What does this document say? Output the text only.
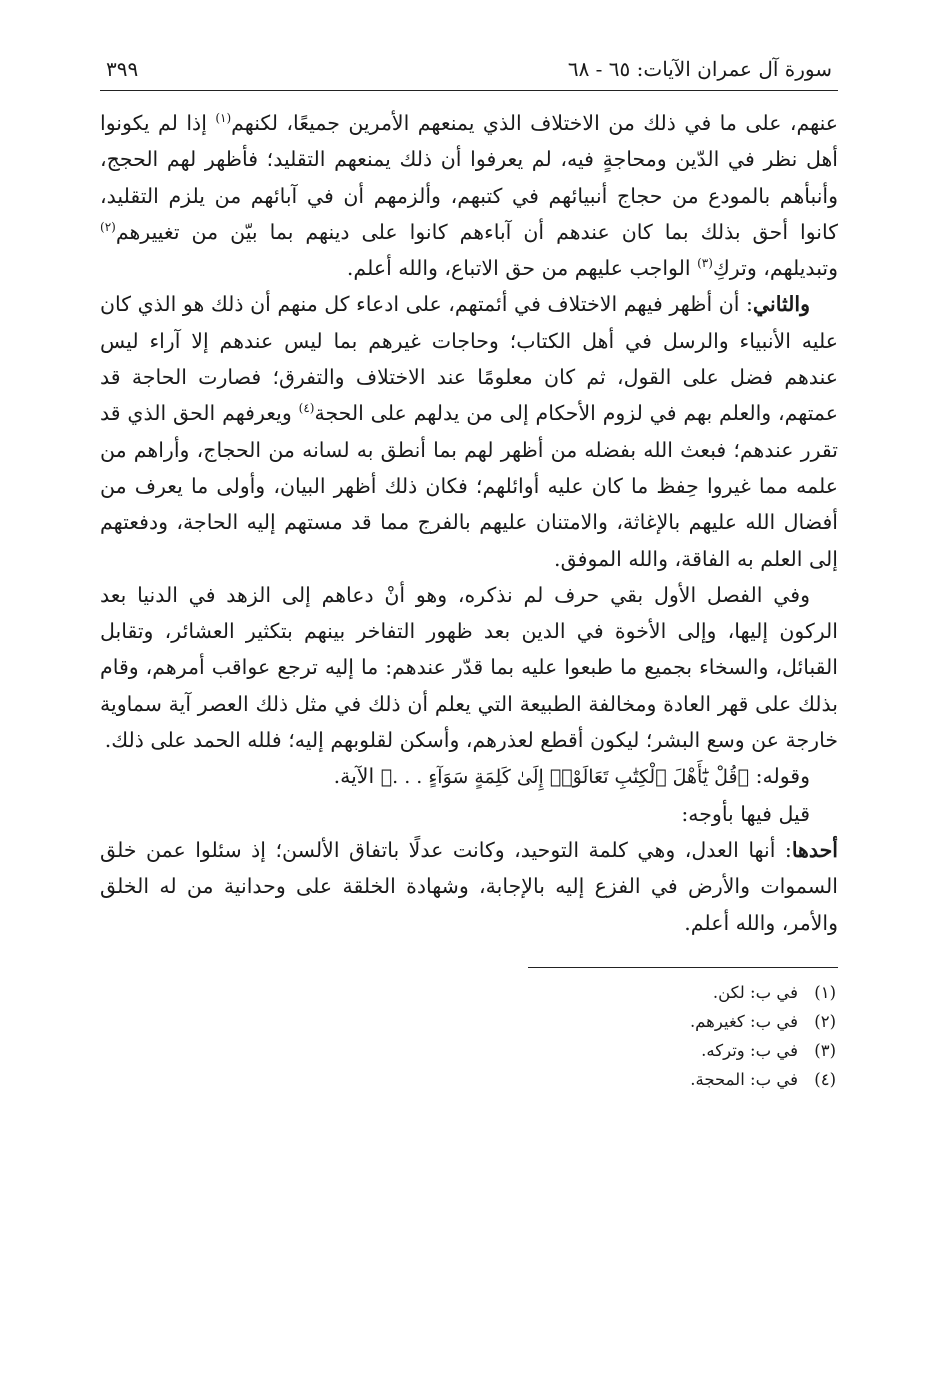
سورة آل عمران الآيات: ٦٥ - ٦٨
٣٩٩

عنهم، على ما في ذلك من الاختلاف الذي يمنعهم الأمرين جميعًا، لكنهم$^{(١)}$ إذا لم يكونوا أهل نظر في الدّين ومحاجةٍ فيه، لم يعرفوا أن ذلك يمنعهم التقليد؛ فأظهر لهم الحجج، وأنبأهم بالمودع من حجاج أنبيائهم في كتبهم، وألزمهم أن في آبائهم من يلزم التقليد، كانوا أحق بذلك بما كان عندهم أن آباءهم كانوا على دينهم بما بيّن من تغييرهم$^{(٢)}$ وتبديلهم، وتركِ$^{(٣)}$ الواجب عليهم من حق الاتباع، والله أعلم.

والثاني: أن أظهر فيهم الاختلاف في أئمتهم، على ادعاء كل منهم أن ذلك هو الذي كان عليه الأنبياء والرسل في أهل الكتاب؛ وحاجات غيرهم بما ليس عندهم إلا آراء ليس عندهم فضل على القول، ثم كان معلومًا عند الاختلاف والتفرق؛ فصارت الحاجة قد عمتهم، والعلم بهم في لزوم الأحكام إلى من يدلهم على الحجة$^{(٤)}$ ويعرفهم الحق الذي قد تقرر عندهم؛ فبعث الله بفضله من أظهر لهم بما أنطق به لسانه من الحجاج، وأراهم من علمه مما غيروا حِفظ ما كان عليه أوائلهم؛ فكان ذلك أظهر البيان، وأولى ما يعرف من أفضال الله عليهم بالإغاثة، والامتنان عليهم بالفرج مما قد مستهم إليه الحاجة، ودفعتهم إلى العلم به الفاقة، والله الموفق.

وفي الفصل الأول بقي حرف لم نذكره، وهو أنْ دعاهم إلى الزهد في الدنيا بعد الركون إليها، وإلى الأخوة في الدين بعد ظهور التفاخر بينهم بتكثير العشائر، وتقابل القبائل، والسخاء بجميع ما طبعوا عليه بما قدّر عندهم: ما إليه ترجع عواقب أمرهم، وقام بذلك على قهر العادة ومخالفة الطبيعة التي يعلم أن ذلك في مثل ذلك العصر آية سماوية خارجة عن وسع البشر؛ ليكون أقطع لعذرهم، وأسكن لقلوبهم إليه؛ فلله الحمد على ذلك.

وقوله: ﴿قُلْ يَٰٓأَهْلَ ٱلْكِتَٰبِ تَعَالَوْا۟ إِلَىٰ كَلِمَةٍ سَوَآءٍ . . .﴾ الآية.

قيل فيها بأوجه:

أحدها: أنها العدل، وهي كلمة التوحيد، وكانت عدلًا باتفاق الألسن؛ إذ سئلوا عمن خلق السموات والأرض في الفزع إليه بالإجابة، وشهادة الخلقة على وحدانية من له الخلق والأمر، والله أعلم.

(١)
في ب: لكن.
(٢)
في ب: كغيرهم.
(٣)
في ب: وتركه.
(٤)
في ب: المحجة.
